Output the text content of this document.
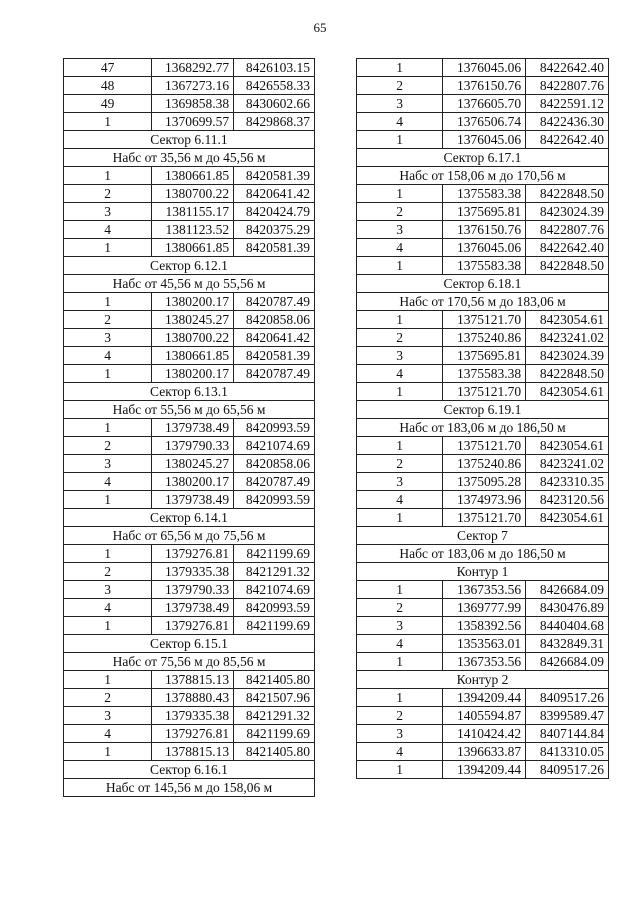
65
47	1368292.77	8426103.15
48	1367273.16	8426558.33
49	1369858.38	8430602.66
1	1370699.57	8429868.37
Сектор 6.11.1		
Набс от 35,56 м до 45,56 м		
1	1380661.85	8420581.39
2	1380700.22	8420641.42
3	1381155.17	8420424.79
4	1381123.52	8420375.29
1	1380661.85	8420581.39
Сектор 6.12.1		
Набс от 45,56 м до 55,56 м		
1	1380200.17	8420787.49
2	1380245.27	8420858.06
3	1380700.22	8420641.42
4	1380661.85	8420581.39
1	1380200.17	8420787.49
Сектор 6.13.1		
Набс от 55,56 м до 65,56 м		
1	1379738.49	8420993.59
2	1379790.33	8421074.69
3	1380245.27	8420858.06
4	1380200.17	8420787.49
1	1379738.49	8420993.59
Сектор 6.14.1		
Набс от 65,56 м до 75,56 м		
1	1379276.81	8421199.69
2	1379335.38	8421291.32
3	1379790.33	8421074.69
4	1379738.49	8420993.59
1	1379276.81	8421199.69
Сектор 6.15.1		
Набс от 75,56 м до 85,56 м		
1	1378815.13	8421405.80
2	1378880.43	8421507.96
3	1379335.38	8421291.32
4	1379276.81	8421199.69
1	1378815.13	8421405.80
Сектор 6.16.1		
Набс от 145,56 м до 158,06 м		
1	1376045.06	8422642.40
2	1376150.76	8422807.76
3	1376605.70	8422591.12
4	1376506.74	8422436.30
1	1376045.06	8422642.40
Сектор 6.17.1		
Набс от 158,06 м до 170,56 м		
1	1375583.38	8422848.50
2	1375695.81	8423024.39
3	1376150.76	8422807.76
4	1376045.06	8422642.40
1	1375583.38	8422848.50
Сектор 6.18.1		
Набс от 170,56 м до 183,06 м		
1	1375121.70	8423054.61
2	1375240.86	8423241.02
3	1375695.81	8423024.39
4	1375583.38	8422848.50
1	1375121.70	8423054.61
Сектор 6.19.1		
Набс от 183,06 м до 186,50 м		
1	1375121.70	8423054.61
2	1375240.86	8423241.02
3	1375095.28	8423310.35
4	1374973.96	8423120.56
1	1375121.70	8423054.61
Сектор 7		
Набс от 183,06 м до 186,50 м		
Контур 1		
1	1367353.56	8426684.09
2	1369777.99	8430476.89
3	1358392.56	8440404.68
4	1353563.01	8432849.31
1	1367353.56	8426684.09
Контур 2		
1	1394209.44	8409517.26
2	1405594.87	8399589.47
3	1410424.42	8407144.84
4	1396633.87	8413310.05
1	1394209.44	8409517.26
